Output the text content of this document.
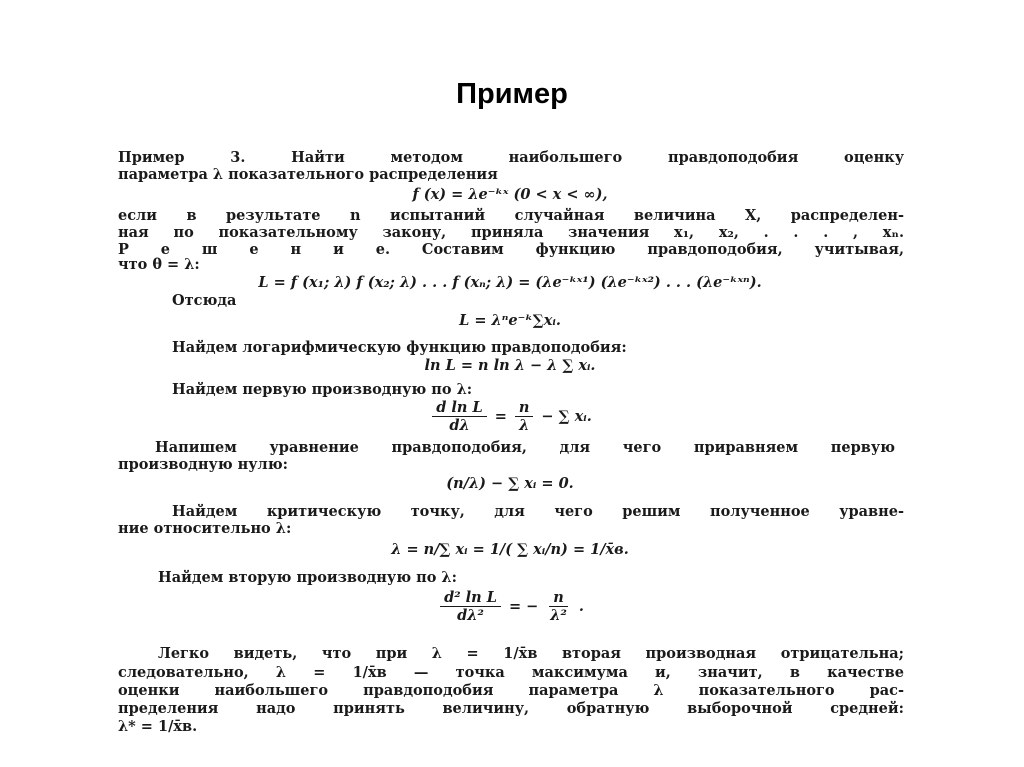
Пример
Пример 3. Найти методом наибольшего правдоподобия оценку
параметра λ показательного распределения
f (x) = λe⁻ᵏˣ (0 < x < ∞),
если в результате n испытаний случайная величина X, распределен-
ная по показательному закону, приняла значения x₁, x₂, . . . , xₙ.
Р е ш е н и е. Составим функцию правдоподобия, учитывая,
что θ = λ:
L = f (x₁; λ) f (x₂; λ) . . . f (xₙ; λ) = (λe⁻ᵏˣ¹) (λe⁻ᵏˣ²) . . . (λe⁻ᵏˣⁿ).
Отсюда
L = λⁿe⁻ᵏ∑xᵢ.
Найдем логарифмическую функцию правдоподобия:
ln L = n ln λ − λ ∑ xᵢ.
Найдем первую производную по λ:
$\frac{\text{d ln L}}{d\lambda} = \frac{n}{\lambda}$ − ∑ xᵢ.
Напишем уравнение правдоподобия, для чего приравняем первую
производную нулю:
(n/λ) − ∑ xᵢ = 0.
Найдем критическую точку, для чего решим полученное уравне-
ние относительно λ:
λ = n/∑ xᵢ = 1/( ∑ xᵢ/n) = 1/x̄в.
Найдем вторую производную по λ:
$\frac{\text{d² ln L}}{\text{dλ²}}$ = − $\frac{n}{\text{λ²}}$ .
Легко видеть, что при λ = 1/x̄в вторая производная отрицательна;
следовательно, λ = 1/x̄в — точка максимума и, значит, в качестве
оценки наибольшего правдоподобия параметра λ показательного рас-
пределения надо принять величину, обратную выборочной средней:
λ* = 1/x̄в.
